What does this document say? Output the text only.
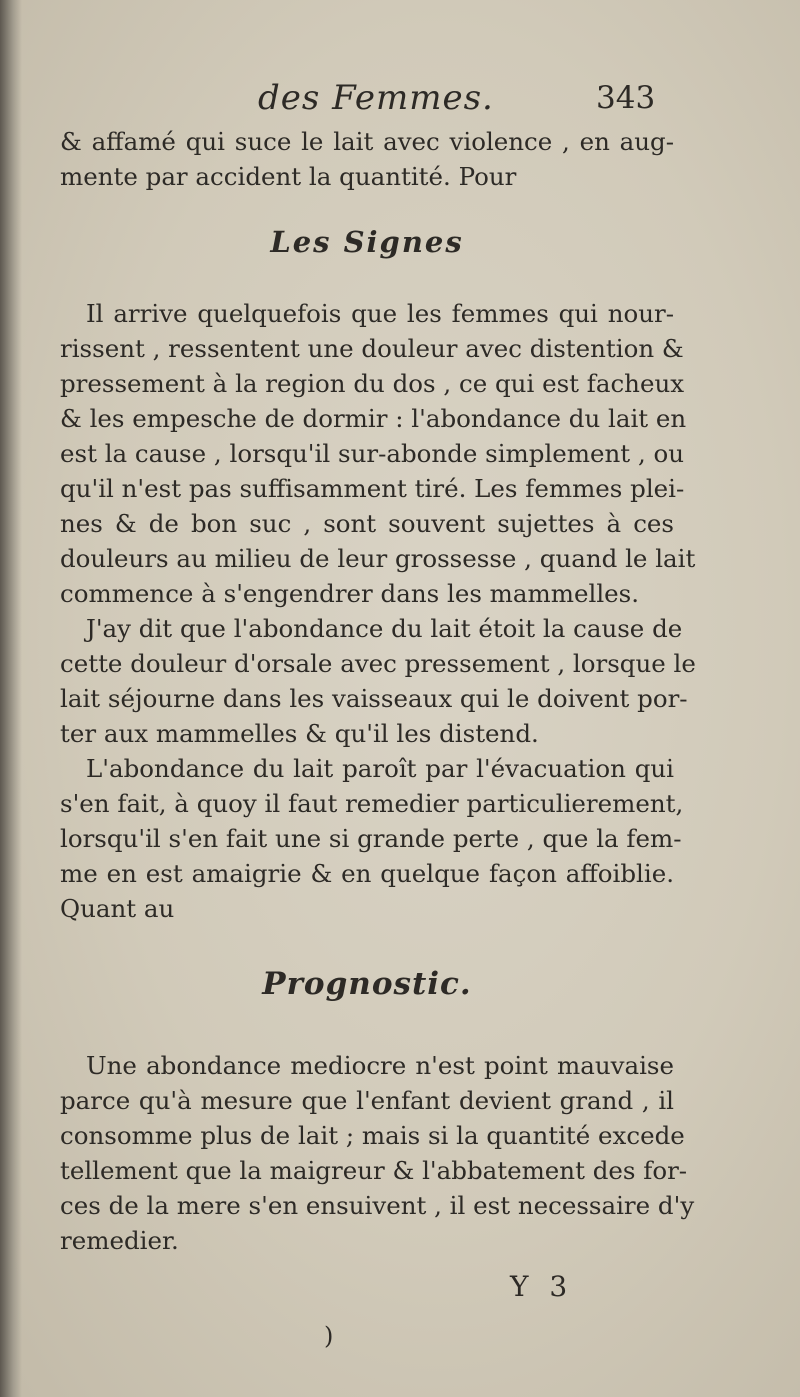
des Femmes.	343
& affamé qui suce le lait avec violence , en aug-
mente par accident la quantité. Pour
Les Signes
Il arrive quelquefois que les femmes qui nour-
rissent , ressentent une douleur avec distention &
pressement à la region du dos , ce qui est facheux
& les empesche de dormir : l'abondance du lait en
est la cause , lorsqu'il sur-abonde simplement , ou
qu'il n'est pas suffisamment tiré. Les femmes plei-
nes & de bon suc , sont souvent sujettes à ces
douleurs au milieu de leur grossesse , quand le lait
commence à s'engendrer dans les mammelles.
J'ay dit que l'abondance du lait étoit la cause de
cette douleur d'orsale avec pressement , lorsque le
lait séjourne dans les vaisseaux qui le doivent por-
ter aux mammelles & qu'il les distend.
L'abondance du lait paroît par l'évacuation qui
s'en fait, à quoy il faut remedier particulierement,
lorsqu'il s'en fait une si grande perte , que la fem-
me en est amaigrie & en quelque façon affoiblie.
Quant au
Prognostic.
Une abondance mediocre n'est point mauvaise
parce qu'à mesure que l'enfant devient grand , il
consomme plus de lait ; mais si la quantité excede
tellement que la maigreur & l'abbatement des for-
ces de la mere s'en ensuivent , il est necessaire d'y
remedier.
Y 3
)
